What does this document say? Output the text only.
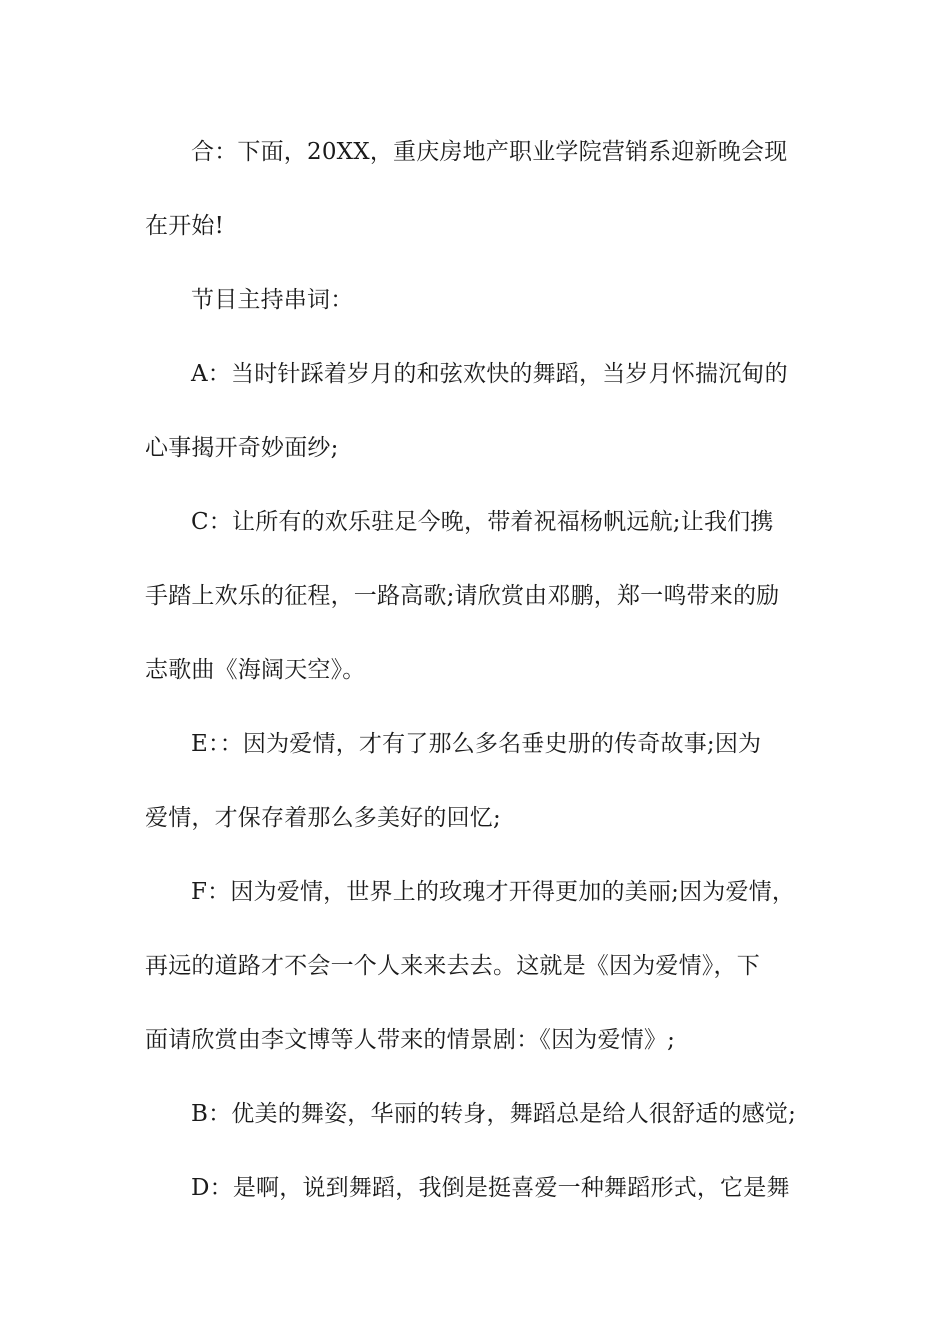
合：下面，20XX，重庆房地产职业学院营销系迎新晚会现
在开始!
节目主持串词：
A：当时针踩着岁月的和弦欢快的舞蹈，当岁月怀揣沉甸的
心事揭开奇妙面纱;
C：让所有的欢乐驻足今晚，带着祝福杨帆远航;让我们携
手踏上欢乐的征程，一路高歌;请欣赏由邓鹏，郑一鸣带来的励
志歌曲《海阔天空》。
E：：因为爱情，才有了那么多名垂史册的传奇故事;因为
爱情，才保存着那么多美好的回忆;
F：因为爱情，世界上的玫瑰才开得更加的美丽;因为爱情，
再远的道路才不会一个人来来去去。这就是《因为爱情》，下
面请欣赏由李文博等人带来的情景剧：《因为爱情》;
B：优美的舞姿，华丽的转身，舞蹈总是给人很舒适的感觉;
D：是啊，说到舞蹈，我倒是挺喜爱一种舞蹈形式，它是舞
